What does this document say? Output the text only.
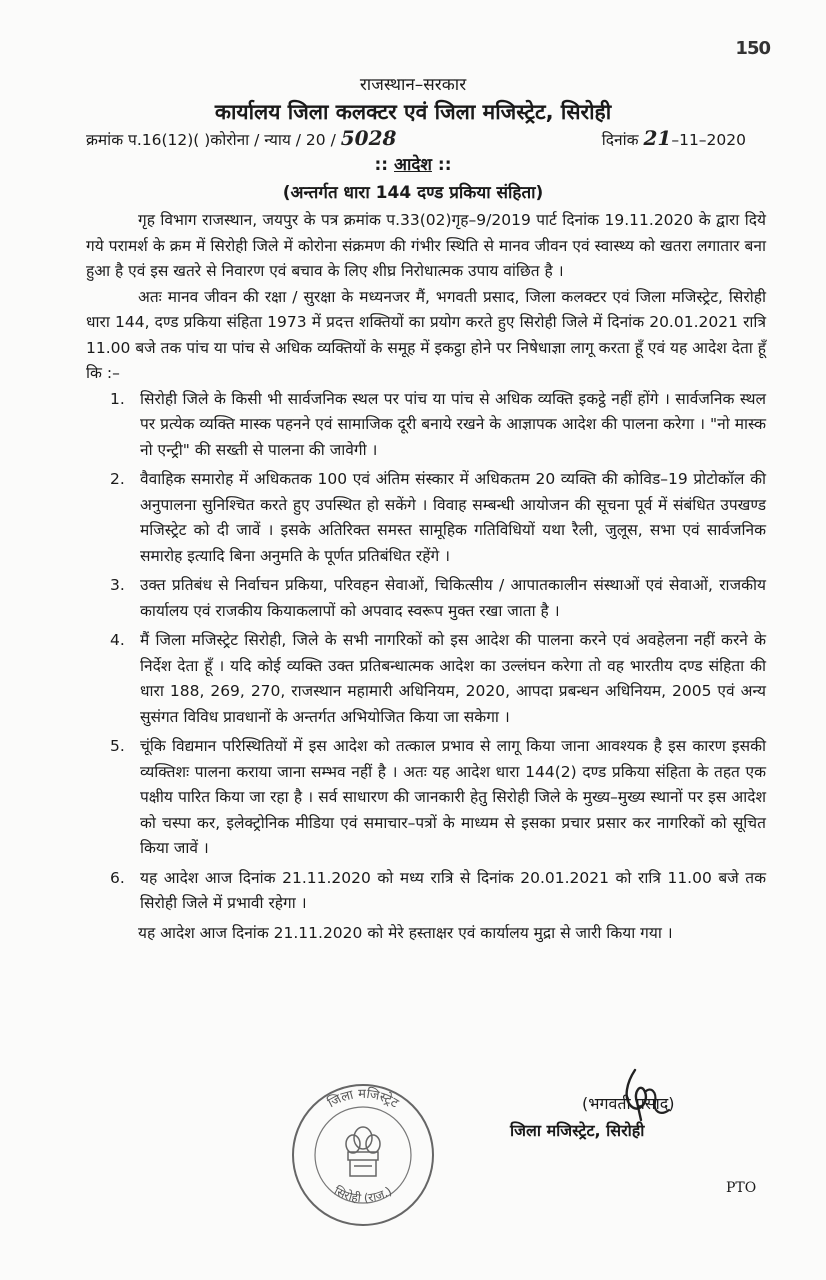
150
राजस्थान–सरकार
कार्यालय जिला कलक्टर एवं जिला मजिस्ट्रेट, सिरोही
क्रमांक प.16(12)( )कोरोना / न्याय / 20 / 5028	दिनांक 21–11–2020
:: आदेश ::
(अन्तर्गत धारा 144 दण्ड प्रकिया संहिता)

गृह विभाग राजस्थान, जयपुर के पत्र क्रमांक प.33(02)गृह–9/2019 पार्ट दिनांक 19.11.2020 के द्वारा दिये गये परामर्श के क्रम में सिरोही जिले में कोरोना संक्रमण की गंभीर स्थिति से मानव जीवन एवं स्वास्थ्य को खतरा लगातार बना हुआ है एवं इस खतरे से निवारण एवं बचाव के लिए शीघ्र निरोधात्मक उपाय वांछित है ।

अतः मानव जीवन की रक्षा / सुरक्षा के मध्यनजर मैं, भगवती प्रसाद, जिला कलक्टर एवं जिला मजिस्ट्रेट, सिरोही धारा 144, दण्ड प्रकिया संहिता 1973 में प्रदत्त शक्तियों का प्रयोग करते हुए सिरोही जिले में दिनांक 20.01.2021 रात्रि 11.00 बजे तक पांच या पांच से अधिक व्यक्तियों के समूह में इकट्ठा होने पर निषेधाज्ञा लागू करता हूँ एवं यह आदेश देता हूँ कि :–

1. सिरोही जिले के किसी भी सार्वजनिक स्थल पर पांच या पांच से अधिक व्यक्ति इकट्ठे नहीं होंगे । सार्वजनिक स्थल पर प्रत्येक व्यक्ति मास्क पहनने एवं सामाजिक दूरी बनाये रखने के आज्ञापक आदेश की पालना करेगा । "नो मास्क नो एन्ट्री" की सख्ती से पालना की जावेगी ।
2. वैवाहिक समारोह में अधिकतक 100 एवं अंतिम संस्कार में अधिकतम 20 व्यक्ति की कोविड–19 प्रोटोकॉल की अनुपालना सुनिश्चित करते हुए उपस्थित हो सकेंगे । विवाह सम्बन्धी आयोजन की सूचना पूर्व में संबंधित उपखण्ड मजिस्ट्रेट को दी जावें । इसके अतिरिक्त समस्त सामूहिक गतिविधियों यथा रैली, जुलूस, सभा एवं सार्वजनिक समारोह इत्यादि बिना अनुमति के पूर्णत प्रतिबंधित रहेंगे ।
3. उक्त प्रतिबंध से निर्वाचन प्रकिया, परिवहन सेवाओं, चिकित्सीय / आपातकालीन संस्थाओं एवं सेवाओं, राजकीय कार्यालय एवं राजकीय कियाकलापों को अपवाद स्वरूप मुक्त रखा जाता है ।
4. मैं जिला मजिस्ट्रेट सिरोही, जिले के सभी नागरिकों को इस आदेश की पालना करने एवं अवहेलना नहीं करने के निर्देश देता हूँ । यदि कोई व्यक्ति उक्त प्रतिबन्धात्मक आदेश का उल्लंघन करेगा तो वह भारतीय दण्ड संहिता की धारा 188, 269, 270, राजस्थान महामारी अधिनियम, 2020, आपदा प्रबन्धन अधिनियम, 2005 एवं अन्य सुसंगत विविध प्रावधानों के अन्तर्गत अभियोजित किया जा सकेगा ।
5. चूंकि विद्यमान परिस्थितियों में इस आदेश को तत्काल प्रभाव से लागू किया जाना आवश्यक है इस कारण इसकी व्यक्तिशः पालना कराया जाना सम्भव नहीं है । अतः यह आदेश धारा 144(2) दण्ड प्रकिया संहिता के तहत एक पक्षीय पारित किया जा रहा है । सर्व साधारण की जानकारी हेतु सिरोही जिले के मुख्य–मुख्य स्थानों पर इस आदेश को चस्पा कर, इलेक्ट्रोनिक मीडिया एवं समाचार–पत्रों के माध्यम से इसका प्रचार प्रसार कर नागरिकों को सूचित किया जावें ।
6. यह आदेश आज दिनांक 21.11.2020 को मध्य रात्रि से दिनांक 20.01.2021 को रात्रि 11.00 बजे तक सिरोही जिले में प्रभावी रहेगा ।

यह आदेश आज दिनांक 21.11.2020 को मेरे हस्ताक्षर एवं कार्यालय मुद्रा से जारी किया गया ।

जिला मजिस्ट्रेट
सिरोही (राज.)
(भगवती प्रसाद)
जिला मजिस्ट्रेट, सिरोही
PTO
